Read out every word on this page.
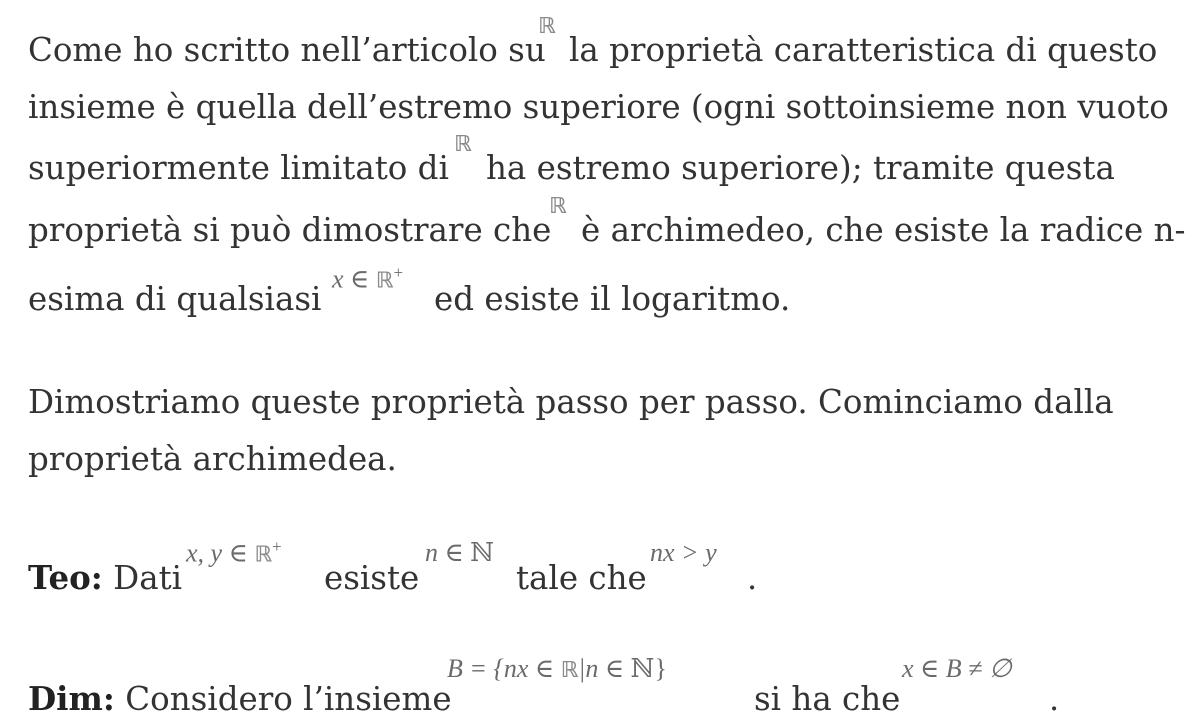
Come ho scritto nell’articolo su
ℝ
la proprietà caratteristica di questo
insieme è quella dell’estremo superiore (ogni sottoinsieme non vuoto
superiormente limitato di
ℝ
ha estremo superiore); tramite questa
proprietà si può dimostrare che
ℝ
è archimedeo, che esiste la radice n-
esima di qualsiasi
x ∈ ℝ+
ed esiste il logaritmo.
Dimostriamo queste proprietà passo per passo. Cominciamo dalla
proprietà archimedea.
Teo: Dati
x, y ∈ ℝ+
esiste
n ∈ ℕ
tale che
nx > y
.
Dim: Considero l’insieme
B = {nx ∈ ℝ|n ∈ ℕ}
si ha che
x ∈ B ≠ ∅
.
